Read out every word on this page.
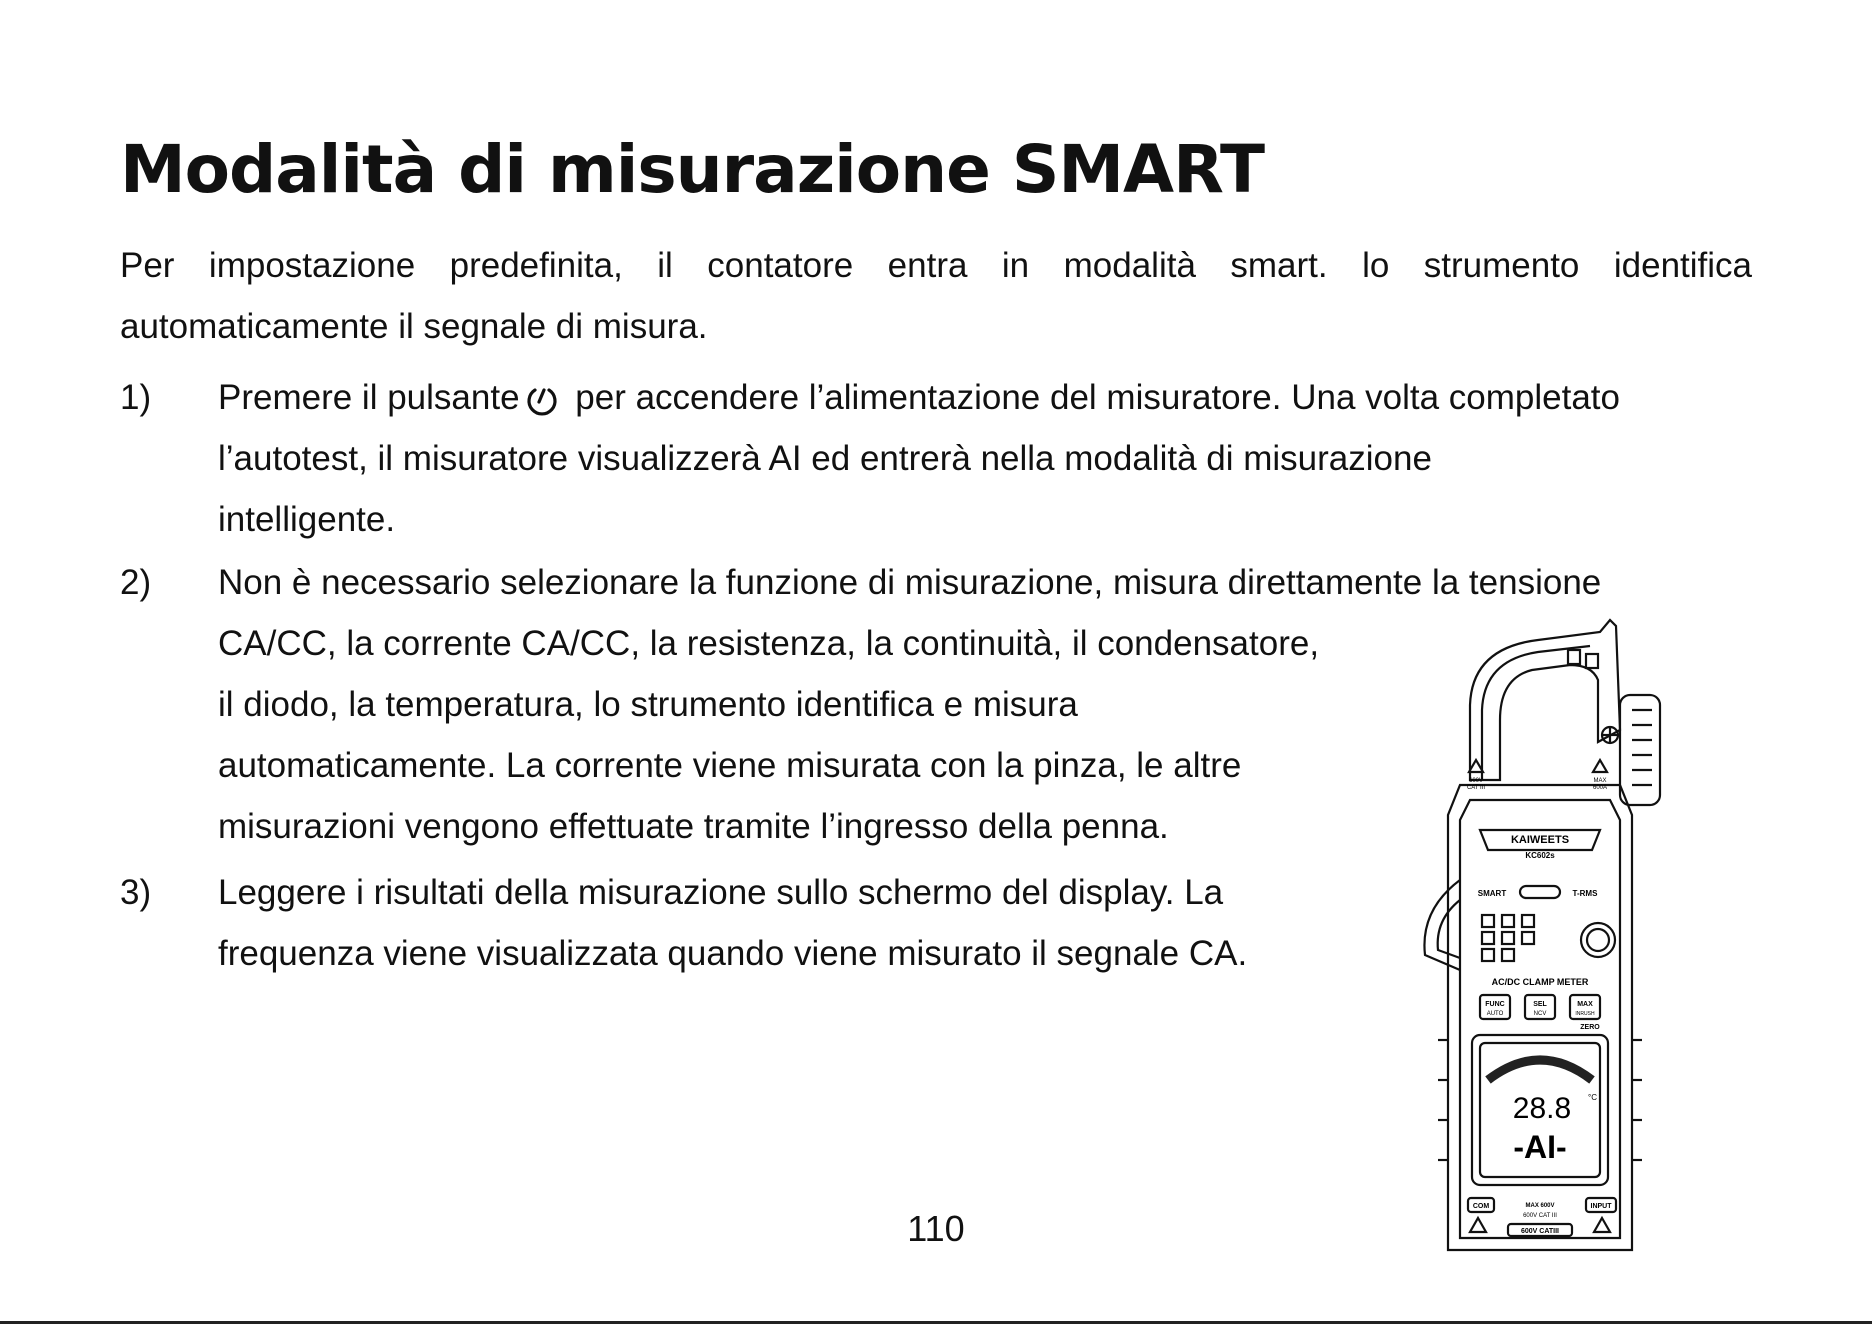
Modalità di misurazione SMART

Per impostazione predefinita, il contatore entra in modalità smart. lo strumento identifica automaticamente il segnale di misura.

1)	Premere il pulsante per accendere l’alimentazione del misuratore. Una volta completato
l’autotest, il misuratore visualizzerà AI ed entrerà nella modalità di misurazione
intelligente.

2)	Non è necessario selezionare la funzione di misurazione, misura direttamente la tensione
CA/CC, la corrente CA/CC, la resistenza, la continuità, il condensatore,
il diodo, la temperatura, lo strumento identifica e misura
automaticamente. La corrente viene misurata con la pinza, le altre
misurazioni vengono effettuate tramite l’ingresso della penna.

3)	Leggere i risultati della misurazione sullo schermo del display. La
frequenza viene visualizzata quando viene misurato il segnale CA.

KAIWEETS
KC602s
SMART	T-RMS
AC/DC CLAMP METER
FUNC	SEL	MAX
AUTO	NCV	INRUSH
ZERO
28.8 °C
-AI-
COM	INPUT
MAX 600V
600V CAT III
600V CATIII
600V
CAT III
MAX
600A
110
